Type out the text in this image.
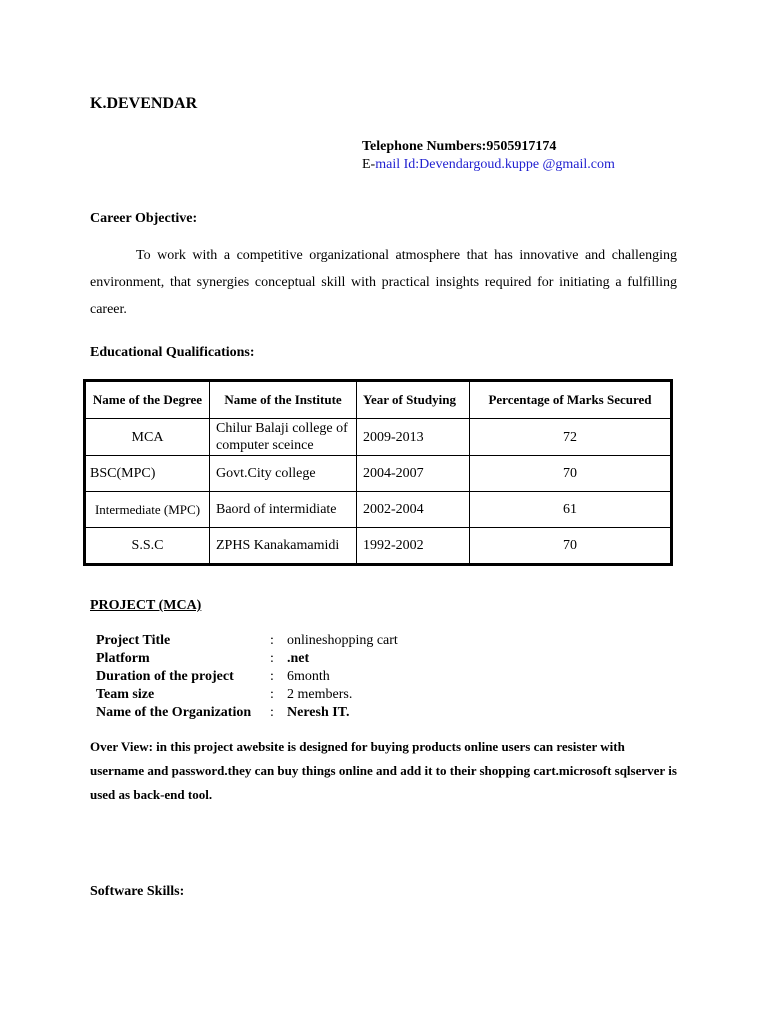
K.DEVENDAR
Telephone Numbers:9505917174
E-mail Id:Devendargoud.kuppe @gmail.com
Career Objective:
To work with a competitive organizational atmosphere that has innovative and challenging environment, that synergies conceptual skill with practical insights required for initiating a fulfilling career.
Educational Qualifications:
Name of the Degree	Name of the Institute	Year of Studying	Percentage of Marks Secured
MCA	Chilur Balaji college of computer sceince	2009-2013	72
BSC(MPC)	Govt.City college	2004-2007	70
Intermediate (MPC)	Baord of intermidiate	2002-2004	61
S.S.C	ZPHS Kanakamamidi	1992-2002	70
PROJECT (MCA)
Project Title	: onlineshopping cart
Platform	: .net
Duration of the project	: 6month
Team size	: 2 members.
Name of the Organization : Neresh IT.
Over View: in this project awebsite is designed for buying products online users can resister with username and password.they can buy things online and add it to their shopping cart.microsoft sqlserver is used as back-end tool.
Software Skills:
